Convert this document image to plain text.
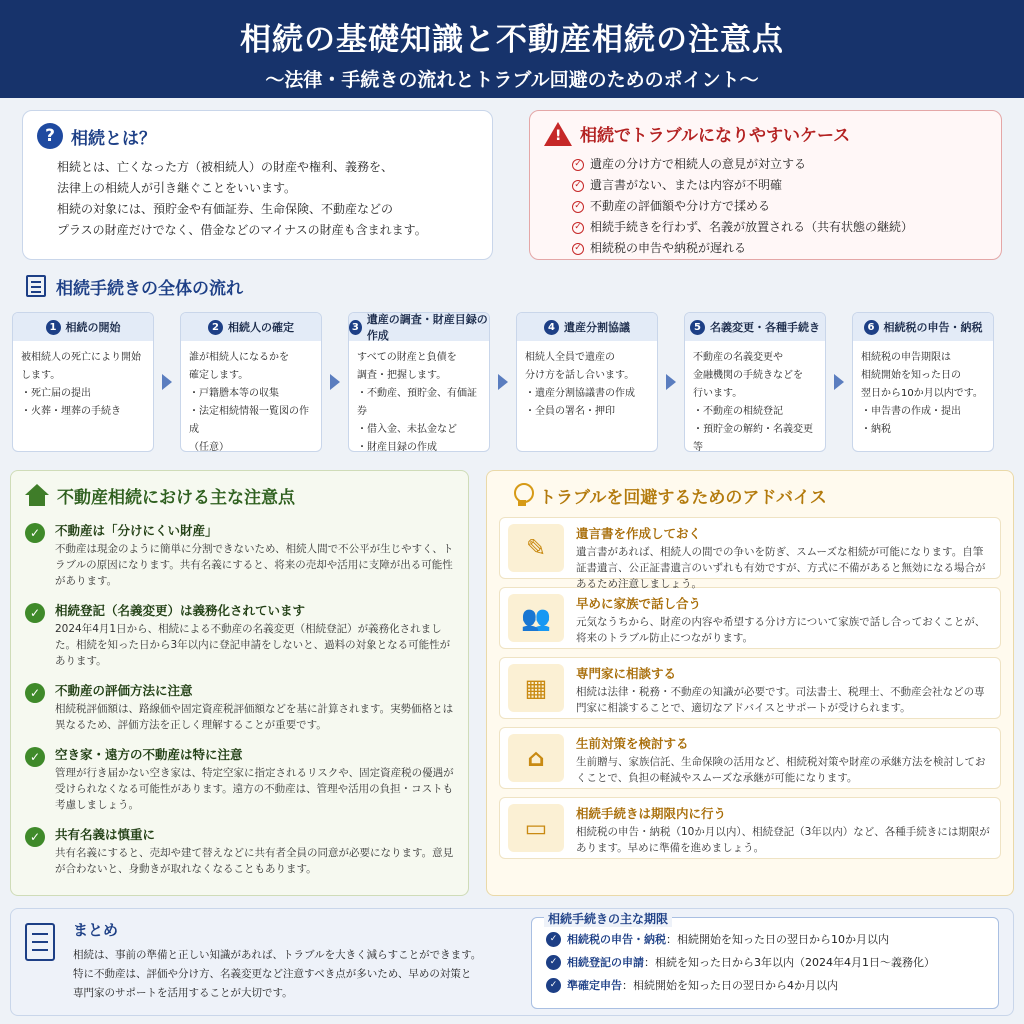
相続の基礎知識と不動産相続の注意点
〜法律・手続きの流れとトラブル回避のためのポイント〜
? 相続とは？

相続とは、亡くなった方（被相続人）の財産や権利、義務を、
法律上の相続人が引き継ぐことをいいます。
相続の対象には、預貯金や有価証券、生命保険、不動産などの
プラスの財産だけでなく、借金などのマイナスの財産も含まれます。

! 相続でトラブルになりやすいケース
✓ 遺産の分け方で相続人の意見が対立する
✓ 遺言書がない、または内容が不明確
✓ 不動産の評価額や分け方で揉める
✓ 相続手続きを行わず、名義が放置される（共有状態の継続）
✓ 相続税の申告や納税が遅れる
相続手続きの全体の流れ
1 相続の開始
被相続人の死亡により開始
します。
・死亡届の提出
・火葬・埋葬の手続き

2 相続人の確定
誰が相続人になるかを
確定します。
・戸籍謄本等の収集
・法定相続情報一覧図の作成
（任意）

3
遺産の調査・財産目録の作成
すべての財産と負債を
調査・把握します。
・不動産、預貯金、有価証券
・借入金、未払金など
・財産目録の作成

4 遺産分割協議
相続人全員で遺産の
分け方を話し合います。
・遺産分割協議書の作成
・全員の署名・押印

5 名義変更・各種手続き
不動産の名義変更や
金融機関の手続きなどを
行います。
・不動産の相続登記
・預貯金の解約・名義変更等

6 相続税の申告・納税
相続税の申告期限は
相続開始を知った日の
翌日から10か月以内です。
・申告書の作成・提出
・納税

不動産相続における主な注意点
✓	不動産は「分けにくい財産」

不動産は現金のように簡単に分割できないため、相続人間で不公平が生じやすく、トラブルの原因になります。共有名義にすると、将来の売却や活用に支障が出る可能性があります。

✓	相続登記（名義変更）は義務化されています

2024年4月1日から、相続による不動産の名義変更（相続登記）が義務化されました。相続を知った日から3年以内に登記申請をしないと、過料の対象となる可能性があります。

✓	不動産の評価方法に注意

相続税評価額は、路線価や固定資産税評価額などを基に計算されます。実勢価格とは異なるため、評価方法を正しく理解することが重要です。

✓	空き家・遠方の不動産は特に注意

管理が行き届かない空き家は、特定空家に指定されるリスクや、固定資産税の優遇が受けられなくなる可能性があります。遠方の不動産は、管理や活用の負担・コストも考慮しましょう。

✓	共有名義は慎重に

共有名義にすると、売却や建て替えなどに共有者全員の同意が必要になります。意見が合わないと、身動きが取れなくなることもあります。

トラブルを回避するためのアドバイス
✎
遺言書を作成しておく

遺言書があれば、相続人の間での争いを防ぎ、スムーズな相続が可能になります。自筆証書遺言、公正証書遺言のいずれも有効ですが、方式に不備があると無効になる場合があるため注意しましょう。

👥
早めに家族で話し合う

元気なうちから、財産の内容や希望する分け方について家族で話し合っておくことが、将来のトラブル防止につながります。

▦
専門家に相談する

相続は法律・税務・不動産の知識が必要です。司法書士、税理士、不動産会社などの専門家に相談することで、適切なアドバイスとサポートが受けられます。

⌂
生前対策を検討する

生前贈与、家族信託、生命保険の活用など、相続税対策や財産の承継方法を検討しておくことで、負担の軽減やスムーズな承継が可能になります。

▭
相続手続きは期限内に行う

相続税の申告・納税（10か月以内）、相続登記（3年以内）など、各種手続きには期限があります。早めに準備を進めましょう。

まとめ

相続は、事前の準備と正しい知識があれば、トラブルを大きく減らすことができます。
特に不動産は、評価や分け方、名義変更など注意すべき点が多いため、早めの対策と
専門家のサポートを活用することが大切です。

相続手続きの主な期限
✓ 相続税の申告・納税：相続開始を知った日の翌日から10か月以内
✓ 相続登記の申請：相続を知った日から3年以内（2024年4月1日〜義務化）
✓ 準確定申告：相続開始を知った日の翌日から4か月以内
